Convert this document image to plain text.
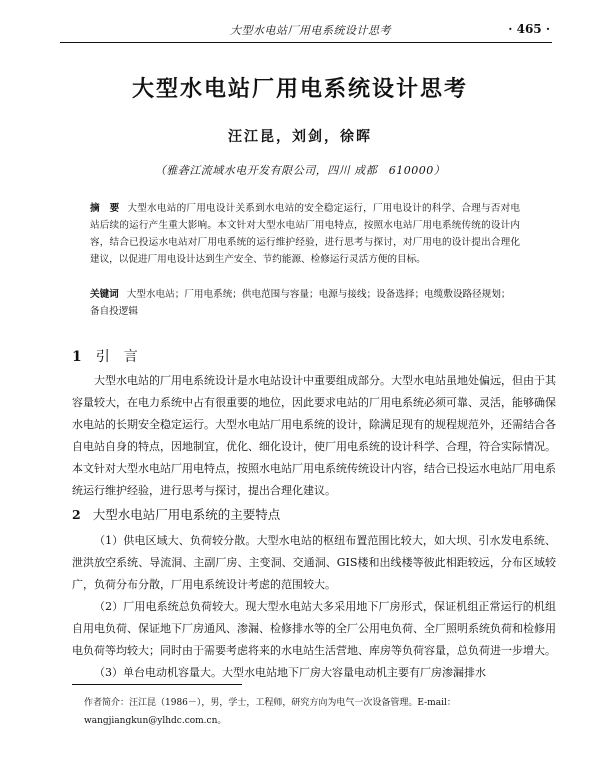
大型水电站厂用电系统设计思考	· 465 ·
大型水电站厂用电系统设计思考
汪江昆，刘剑，徐晖
（雅砻江流域水电开发有限公司，四川 成都　610000）
摘　要 大型水电站的厂用电设计关系到水电站的安全稳定运行，厂用电设计的科学、合理与否对电站后续的运行产生重大影响。本文针对大型水电站厂用电特点，按照水电站厂用电系统传统的设计内容，结合已投运水电站对厂用电系统的运行维护经验，进行思考与探讨，对厂用电的设计提出合理化建议，以促进厂用电设计达到生产安全、节约能源、检修运行灵活方便的目标。
关键词 大型水电站；厂用电系统；供电范围与容量；电源与接线；设备选择；电缆敷设路径规划；备自投逻辑
1 引　言

大型水电站的厂用电系统设计是水电站设计中重要组成部分。大型水电站虽地处偏远，但由于其容量较大，在电力系统中占有很重要的地位，因此要求电站的厂用电系统必须可靠、灵活，能够确保水电站的长期安全稳定运行。大型水电站厂用电系统的设计，除满足现有的规程规范外，还需结合各自电站自身的特点，因地制宜，优化、细化设计，使厂用电系统的设计科学、合理，符合实际情况。本文针对大型水电站厂用电特点，按照水电站厂用电系统传统设计内容，结合已投运水电站厂用电系统运行维护经验，进行思考与探讨，提出合理化建议。

2 大型水电站厂用电系统的主要特点

（1）供电区域大、负荷较分散。大型水电站的枢纽布置范围比较大，如大坝、引水发电系统、泄洪放空系统、导流洞、主副厂房、主变洞、交通洞、GIS楼和出线楼等彼此相距较远，分布区域较广，负荷分布分散，厂用电系统设计考虑的范围较大。

（2）厂用电系统总负荷较大。现大型水电站大多采用地下厂房形式，保证机组正常运行的机组自用电负荷、保证地下厂房通风、渗漏、检修排水等的全厂公用电负荷、全厂照明系统负荷和检修用电负荷等均较大；同时由于需要考虑将来的水电站生活营地、库房等负荷容量，总负荷进一步增大。

（3）单台电动机容量大。大型水电站地下厂房大容量电动机主要有厂房渗漏排水

作者简介：汪江昆（1986－），男，学士，工程师，研究方向为电气一次设备管理。E-mail：wangjiangkun@ylhdc.com.cn。
